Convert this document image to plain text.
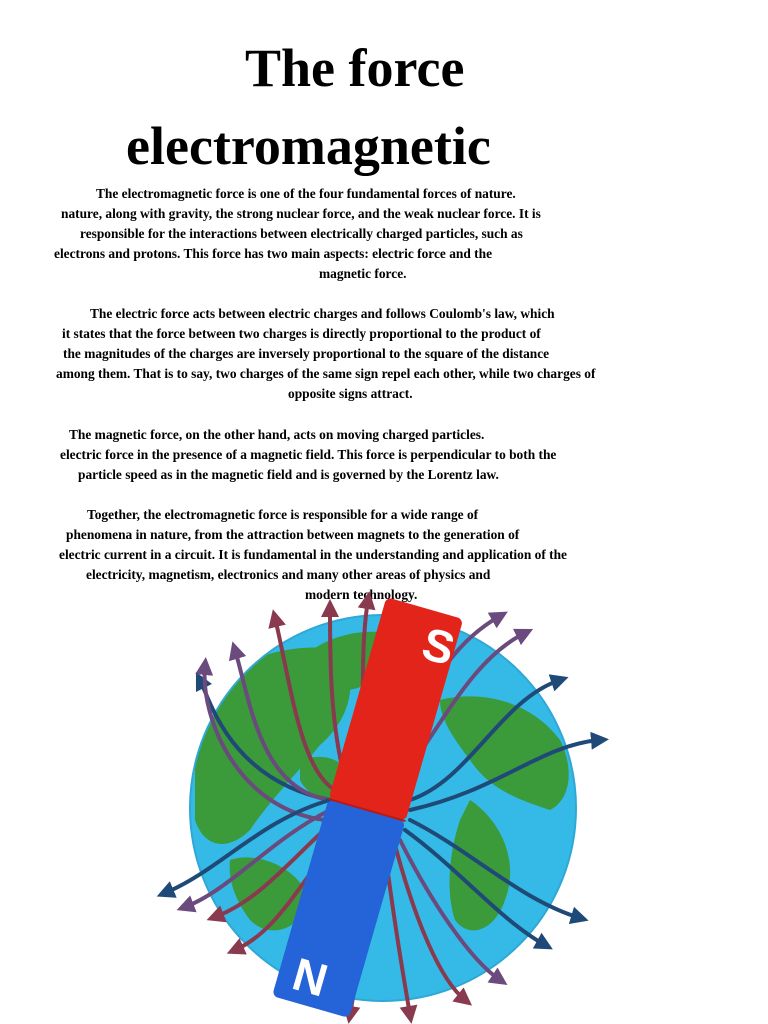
The force
electromagnetic
The electromagnetic force is one of the four fundamental forces of nature.
nature, along with gravity, the strong nuclear force, and the weak nuclear force. It is
responsible for the interactions between electrically charged particles, such as
electrons and protons. This force has two main aspects: electric force and the
magnetic force.
The electric force acts between electric charges and follows Coulomb's law, which
it states that the force between two charges is directly proportional to the product of
the magnitudes of the charges are inversely proportional to the square of the distance
among them. That is to say, two charges of the same sign repel each other, while two charges of
opposite signs attract.
The magnetic force, on the other hand, acts on moving charged particles.
electric force in the presence of a magnetic field. This force is perpendicular to both the
particle speed as in the magnetic field and is governed by the Lorentz law.
Together, the electromagnetic force is responsible for a wide range of
phenomena in nature, from the attraction between magnets to the generation of
electric current in a circuit. It is fundamental in the understanding and application of the
electricity, magnetism, electronics and many other areas of physics and
modern technology.
S
N
